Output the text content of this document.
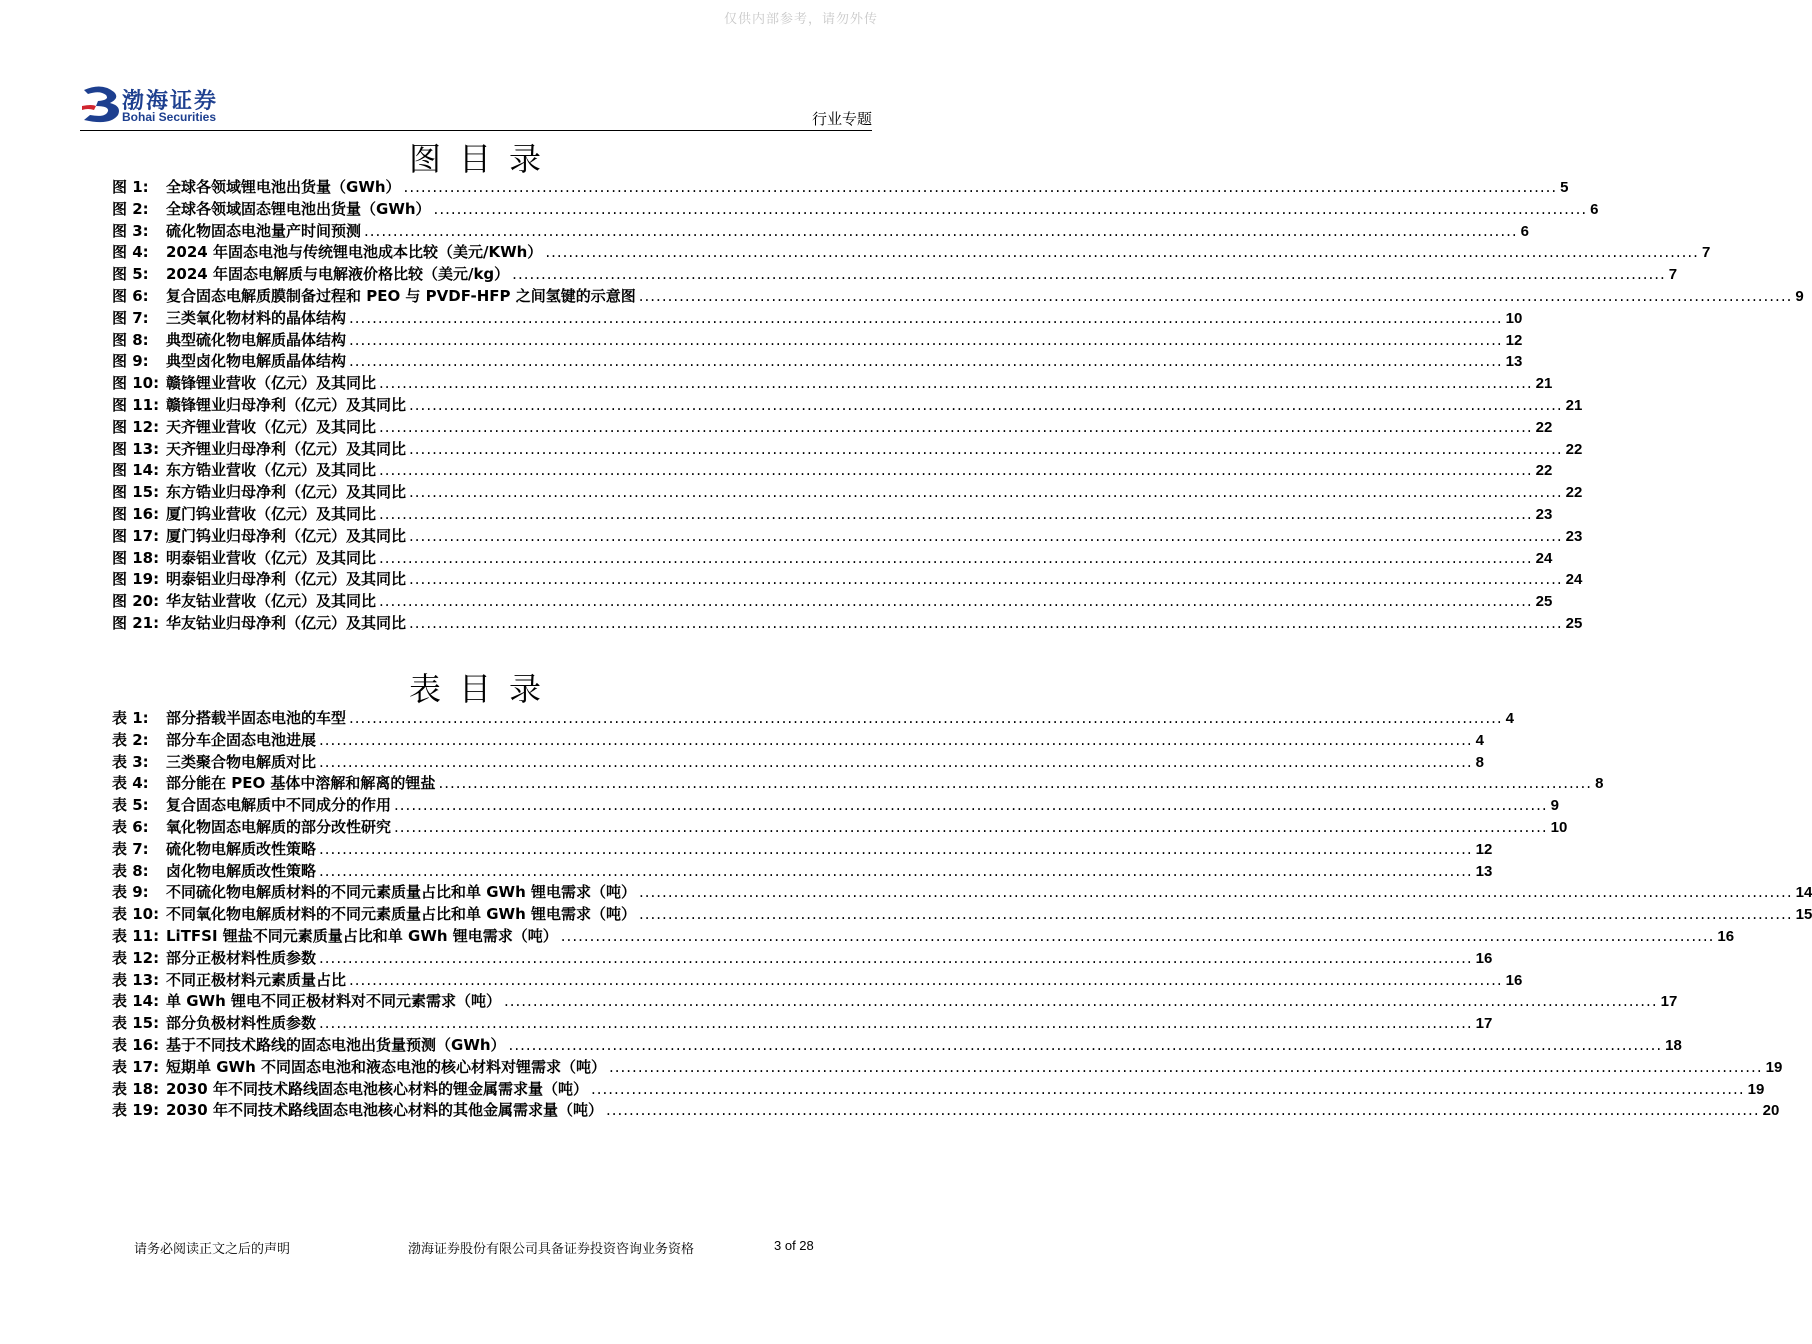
仅供内部参考，请勿外传
渤海证券
Bohai Securities	行业专题
图目录
图 1:	全球各领域锂电池出货量（GWh） ........................................................................................................................................................................................................ 5
图 2:	全球各领域固态锂电池出货量（GWh） ........................................................................................................................................................................................................ 6
图 3:	硫化物固态电池量产时间预测 ........................................................................................................................................................................................................ 6
图 4:	2024 年固态电池与传统锂电池成本比较（美元/KWh） ........................................................................................................................................................................................................ 7
图 5:	2024 年固态电解质与电解液价格比较（美元/kg） ........................................................................................................................................................................................................ 7
图 6:	复合固态电解质膜制备过程和 PEO 与 PVDF-HFP 之间氢键的示意图 ........................................................................................................................................................................................................ 9
图 7:	三类氧化物材料的晶体结构 ........................................................................................................................................................................................................ 10
图 8:	典型硫化物电解质晶体结构 ........................................................................................................................................................................................................ 12
图 9:	典型卤化物电解质晶体结构 ........................................................................................................................................................................................................ 13
图 10: 赣锋锂业营收（亿元）及其同比 ........................................................................................................................................................................................................ 21
图 11: 赣锋锂业归母净利（亿元）及其同比 ........................................................................................................................................................................................................ 21
图 12: 天齐锂业营收（亿元）及其同比 ........................................................................................................................................................................................................ 22
图 13: 天齐锂业归母净利（亿元）及其同比 ........................................................................................................................................................................................................ 22
图 14: 东方锆业营收（亿元）及其同比 ........................................................................................................................................................................................................ 22
图 15: 东方锆业归母净利（亿元）及其同比 ........................................................................................................................................................................................................ 22
图 16: 厦门钨业营收（亿元）及其同比 ........................................................................................................................................................................................................ 23
图 17: 厦门钨业归母净利（亿元）及其同比 ........................................................................................................................................................................................................ 23
图 18: 明泰铝业营收（亿元）及其同比 ........................................................................................................................................................................................................ 24
图 19: 明泰铝业归母净利（亿元）及其同比 ........................................................................................................................................................................................................ 24
图 20: 华友钴业营收（亿元）及其同比 ........................................................................................................................................................................................................ 25
图 21: 华友钴业归母净利（亿元）及其同比 ........................................................................................................................................................................................................ 25
表目录
表 1:	部分搭载半固态电池的车型 ........................................................................................................................................................................................................ 4
表 2:	部分车企固态电池进展 ........................................................................................................................................................................................................ 4
表 3:	三类聚合物电解质对比 ........................................................................................................................................................................................................ 8
表 4:	部分能在 PEO 基体中溶解和解离的锂盐 ........................................................................................................................................................................................................ 8
表 5:	复合固态电解质中不同成分的作用 ........................................................................................................................................................................................................ 9
表 6:	氧化物固态电解质的部分改性研究 ........................................................................................................................................................................................................ 10
表 7:	硫化物电解质改性策略 ........................................................................................................................................................................................................ 12
表 8:	卤化物电解质改性策略 ........................................................................................................................................................................................................ 13
表 9:	不同硫化物电解质材料的不同元素质量占比和单 GWh 锂电需求（吨） ........................................................................................................................................................................................................ 14
表 10: 不同氧化物电解质材料的不同元素质量占比和单 GWh 锂电需求（吨） ........................................................................................................................................................................................................ 15
表 11: LiTFSI 锂盐不同元素质量占比和单 GWh 锂电需求（吨） ........................................................................................................................................................................................................ 16
表 12: 部分正极材料性质参数 ........................................................................................................................................................................................................ 16
表 13: 不同正极材料元素质量占比 ........................................................................................................................................................................................................ 16
表 14: 单 GWh 锂电不同正极材料对不同元素需求（吨） ........................................................................................................................................................................................................ 17
表 15: 部分负极材料性质参数 ........................................................................................................................................................................................................ 17
表 16: 基于不同技术路线的固态电池出货量预测（GWh） ........................................................................................................................................................................................................ 18
表 17: 短期单 GWh 不同固态电池和液态电池的核心材料对锂需求（吨） ........................................................................................................................................................................................................ 19
表 18: 2030 年不同技术路线固态电池核心材料的锂金属需求量（吨） ........................................................................................................................................................................................................ 19
表 19: 2030 年不同技术路线固态电池核心材料的其他金属需求量（吨） ........................................................................................................................................................................................................ 20
请务必阅读正文之后的声明	渤海证券股份有限公司具备证券投资咨询业务资格	3 of 28
